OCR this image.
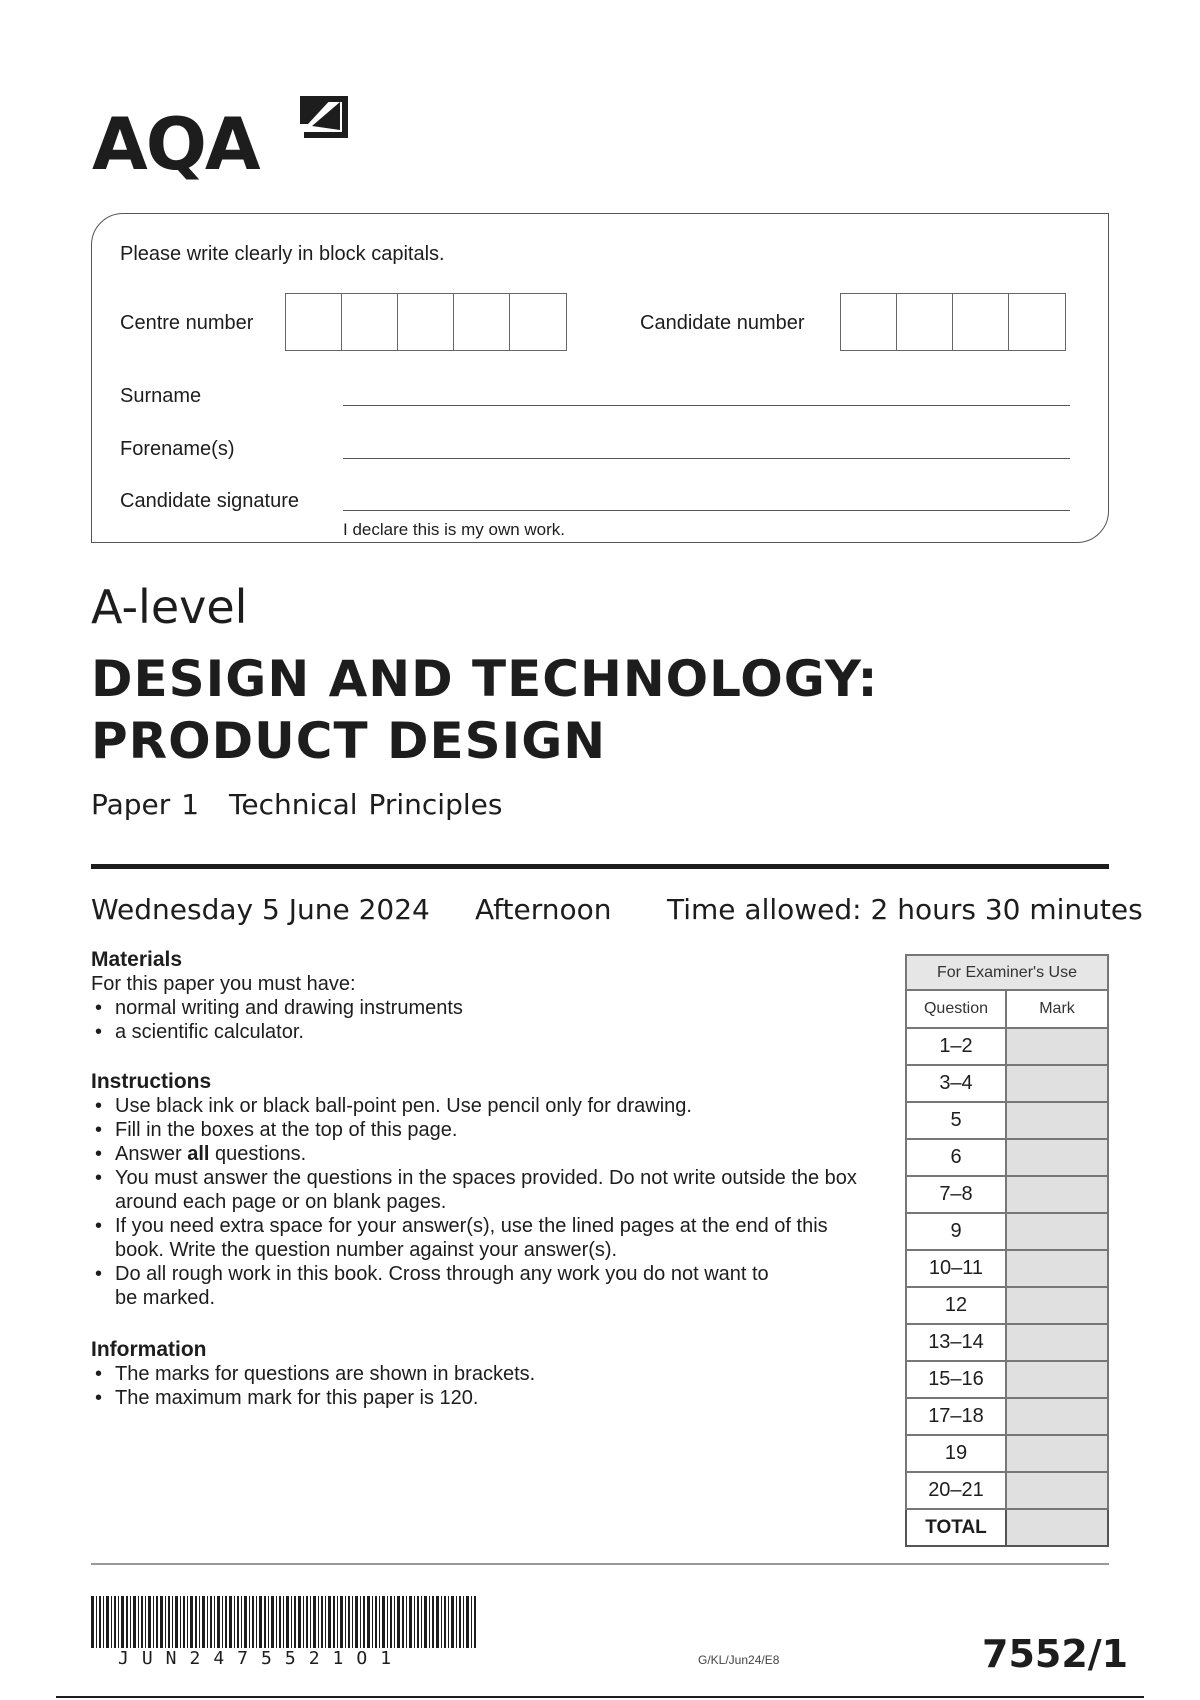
AQA
Please write clearly in block capitals.
Centre number	Candidate number
Surname
Forename(s)
Candidate signature
I declare this is my own work.
A-level
DESIGN AND TECHNOLOGY:
PRODUCT DESIGN
Paper 1 Technical Principles
Wednesday 5 June 2024 Afternoon Time allowed: 2 hours 30 minutes
Materials
For this paper you must have:
• normal writing and drawing instruments
• a scientific calculator.
Instructions
• Use black ink or black ball-point pen. Use pencil only for drawing.
• Fill in the boxes at the top of this page.
• Answer all questions.
• You must answer the questions in the spaces provided. Do not write outside the box around each page or on blank pages.
• If you need extra space for your answer(s), use the lined pages at the end of this book. Write the question number against your answer(s).
• Do all rough work in this book. Cross through any work you do not want to be marked.
Information
• The marks for questions are shown in brackets.
• The maximum mark for this paper is 120.
For Examiner's Use	
Question	Mark
1–2	
3–4	
5	
6	
7–8	
9	
10–11	
12	
13–14	
15–16	
17–18	
19	
20–21	
TOTAL	
JUN2475521O1	G/KL/Jun24/E8	7552/1
